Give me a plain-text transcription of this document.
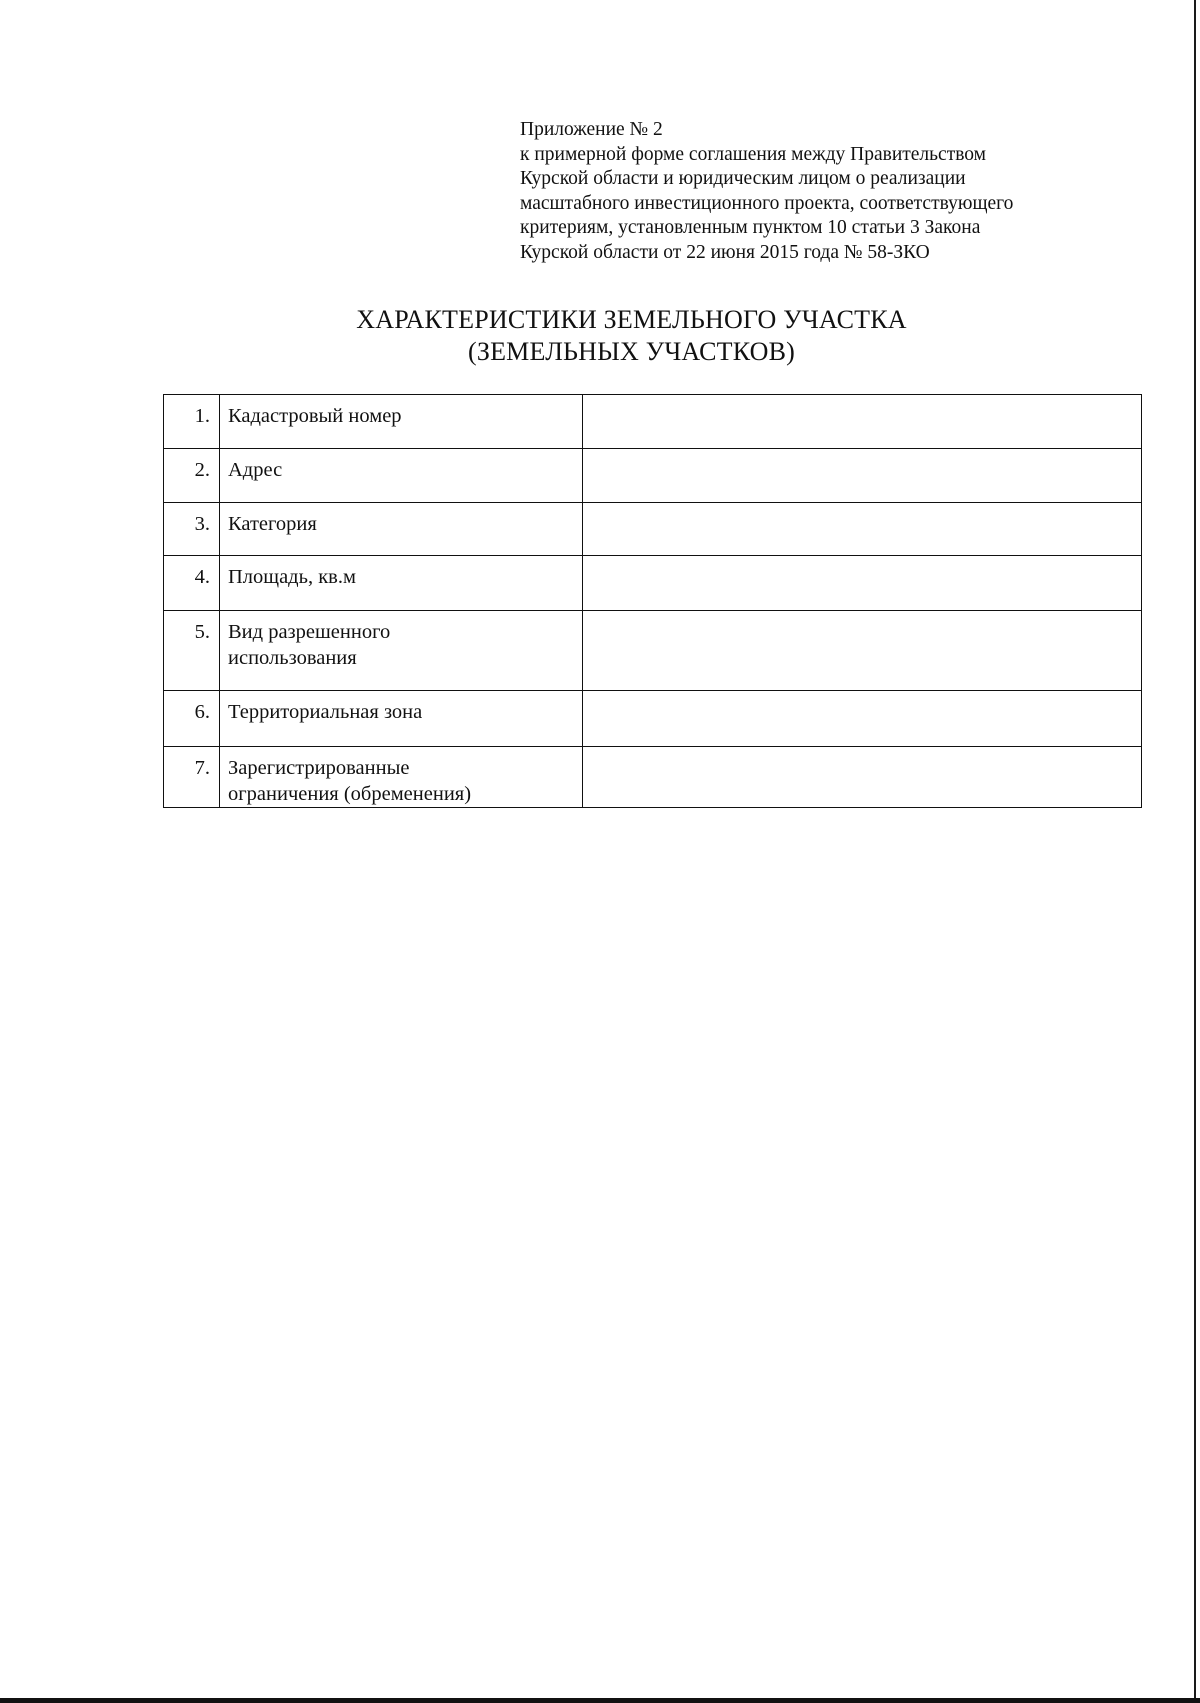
Приложение № 2
к примерной форме соглашения между Правительством
Курской области и юридическим лицом о реализации
масштабного инвестиционного проекта, соответствующего
критериям, установленным пунктом 10 статьи 3 Закона
Курской области от 22 июня 2015 года № 58-ЗКО
ХАРАКТЕРИСТИКИ ЗЕМЕЛЬНОГО УЧАСТКА
(ЗЕМЕЛЬНЫХ УЧАСТКОВ)
1.	Кадастровый номер	

2.	Адрес	

3.	Категория	

4.	Площадь, кв.м	

5.	Вид разрешенного
использования	

6.	Территориальная зона	

7.	Зарегистрированные
ограничения (обременения)	
